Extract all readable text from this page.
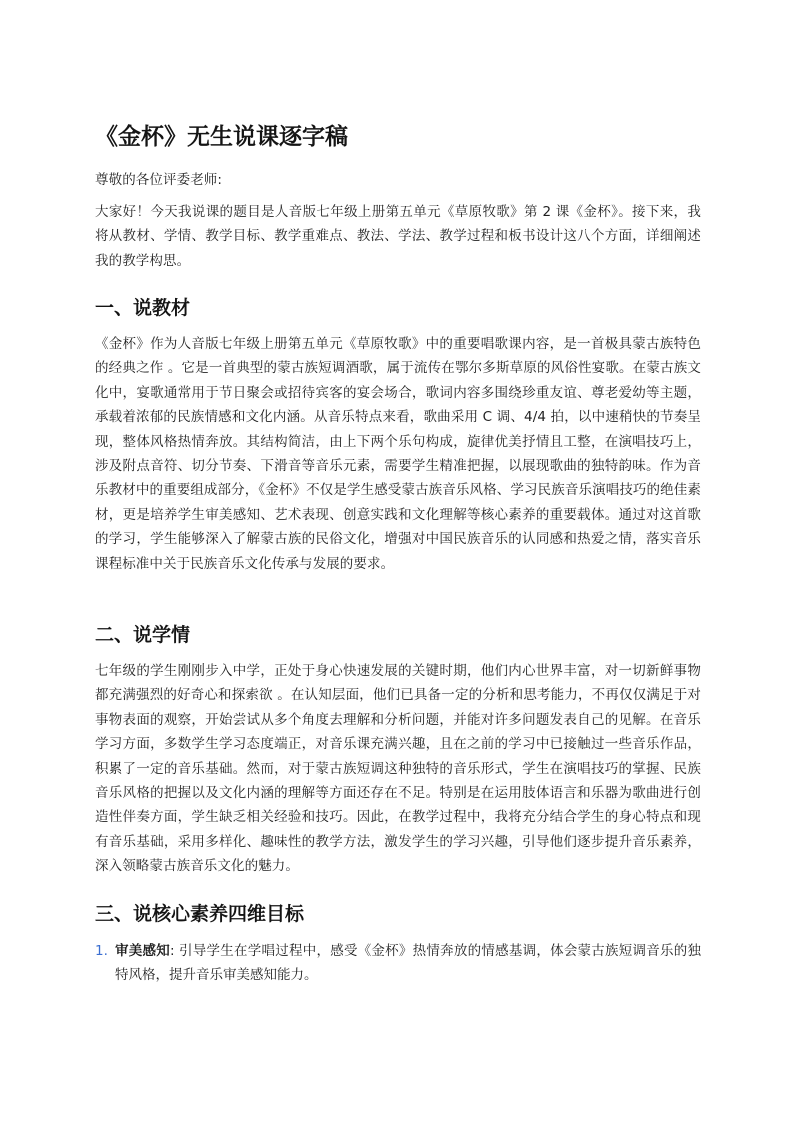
《金杯》无生说课逐字稿

尊敬的各位评委老师:

大家好！今天我说课的题目是人音版七年级上册第五单元《草原牧歌》第 2 课《金杯》。接下来，我将从教材、学情、教学目标、教学重难点、教法、学法、教学过程和板书设计这八个方面，详细阐述我的教学构思。

一、说教材

《金杯》作为人音版七年级上册第五单元《草原牧歌》中的重要唱歌课内容，是一首极具蒙古族特色的经典之作 。它是一首典型的蒙古族短调酒歌，属于流传在鄂尔多斯草原的风俗性宴歌。在蒙古族文化中，宴歌通常用于节日聚会或招待宾客的宴会场合，歌词内容多围绕珍重友谊、尊老爱幼等主题，承载着浓郁的民族情感和文化内涵。从音乐特点来看，歌曲采用 C 调、4/4 拍，以中速稍快的节奏呈现，整体风格热情奔放。其结构简洁，由上下两个乐句构成，旋律优美抒情且工整，在演唱技巧上，涉及附点音符、切分节奏、下滑音等音乐元素，需要学生精准把握，以展现歌曲的独特韵味。作为音乐教材中的重要组成部分，《金杯》不仅是学生感受蒙古族音乐风格、学习民族音乐演唱技巧的绝佳素材，更是培养学生审美感知、艺术表现、创意实践和文化理解等核心素养的重要载体。通过对这首歌的学习，学生能够深入了解蒙古族的民俗文化，增强对中国民族音乐的认同感和热爱之情，落实音乐课程标准中关于民族音乐文化传承与发展的要求。

二、说学情

七年级的学生刚刚步入中学，正处于身心快速发展的关键时期，他们内心世界丰富，对一切新鲜事物都充满强烈的好奇心和探索欲 。在认知层面，他们已具备一定的分析和思考能力，不再仅仅满足于对事物表面的观察，开始尝试从多个角度去理解和分析问题，并能对许多问题发表自己的见解。在音乐学习方面，多数学生学习态度端正，对音乐课充满兴趣，且在之前的学习中已接触过一些音乐作品，积累了一定的音乐基础。然而，对于蒙古族短调这种独特的音乐形式，学生在演唱技巧的掌握、民族音乐风格的把握以及文化内涵的理解等方面还存在不足。特别是在运用肢体语言和乐器为歌曲进行创造性伴奏方面，学生缺乏相关经验和技巧。因此，在教学过程中，我将充分结合学生的身心特点和现有音乐基础，采用多样化、趣味性的教学方法，激发学生的学习兴趣，引导他们逐步提升音乐素养，深入领略蒙古族音乐文化的魅力。

三、说核心素养四维目标
1. 审美感知: 引导学生在学唱过程中，感受《金杯》热情奔放的情感基调，体会蒙古族短调音乐的独特风格，提升音乐审美感知能力。
